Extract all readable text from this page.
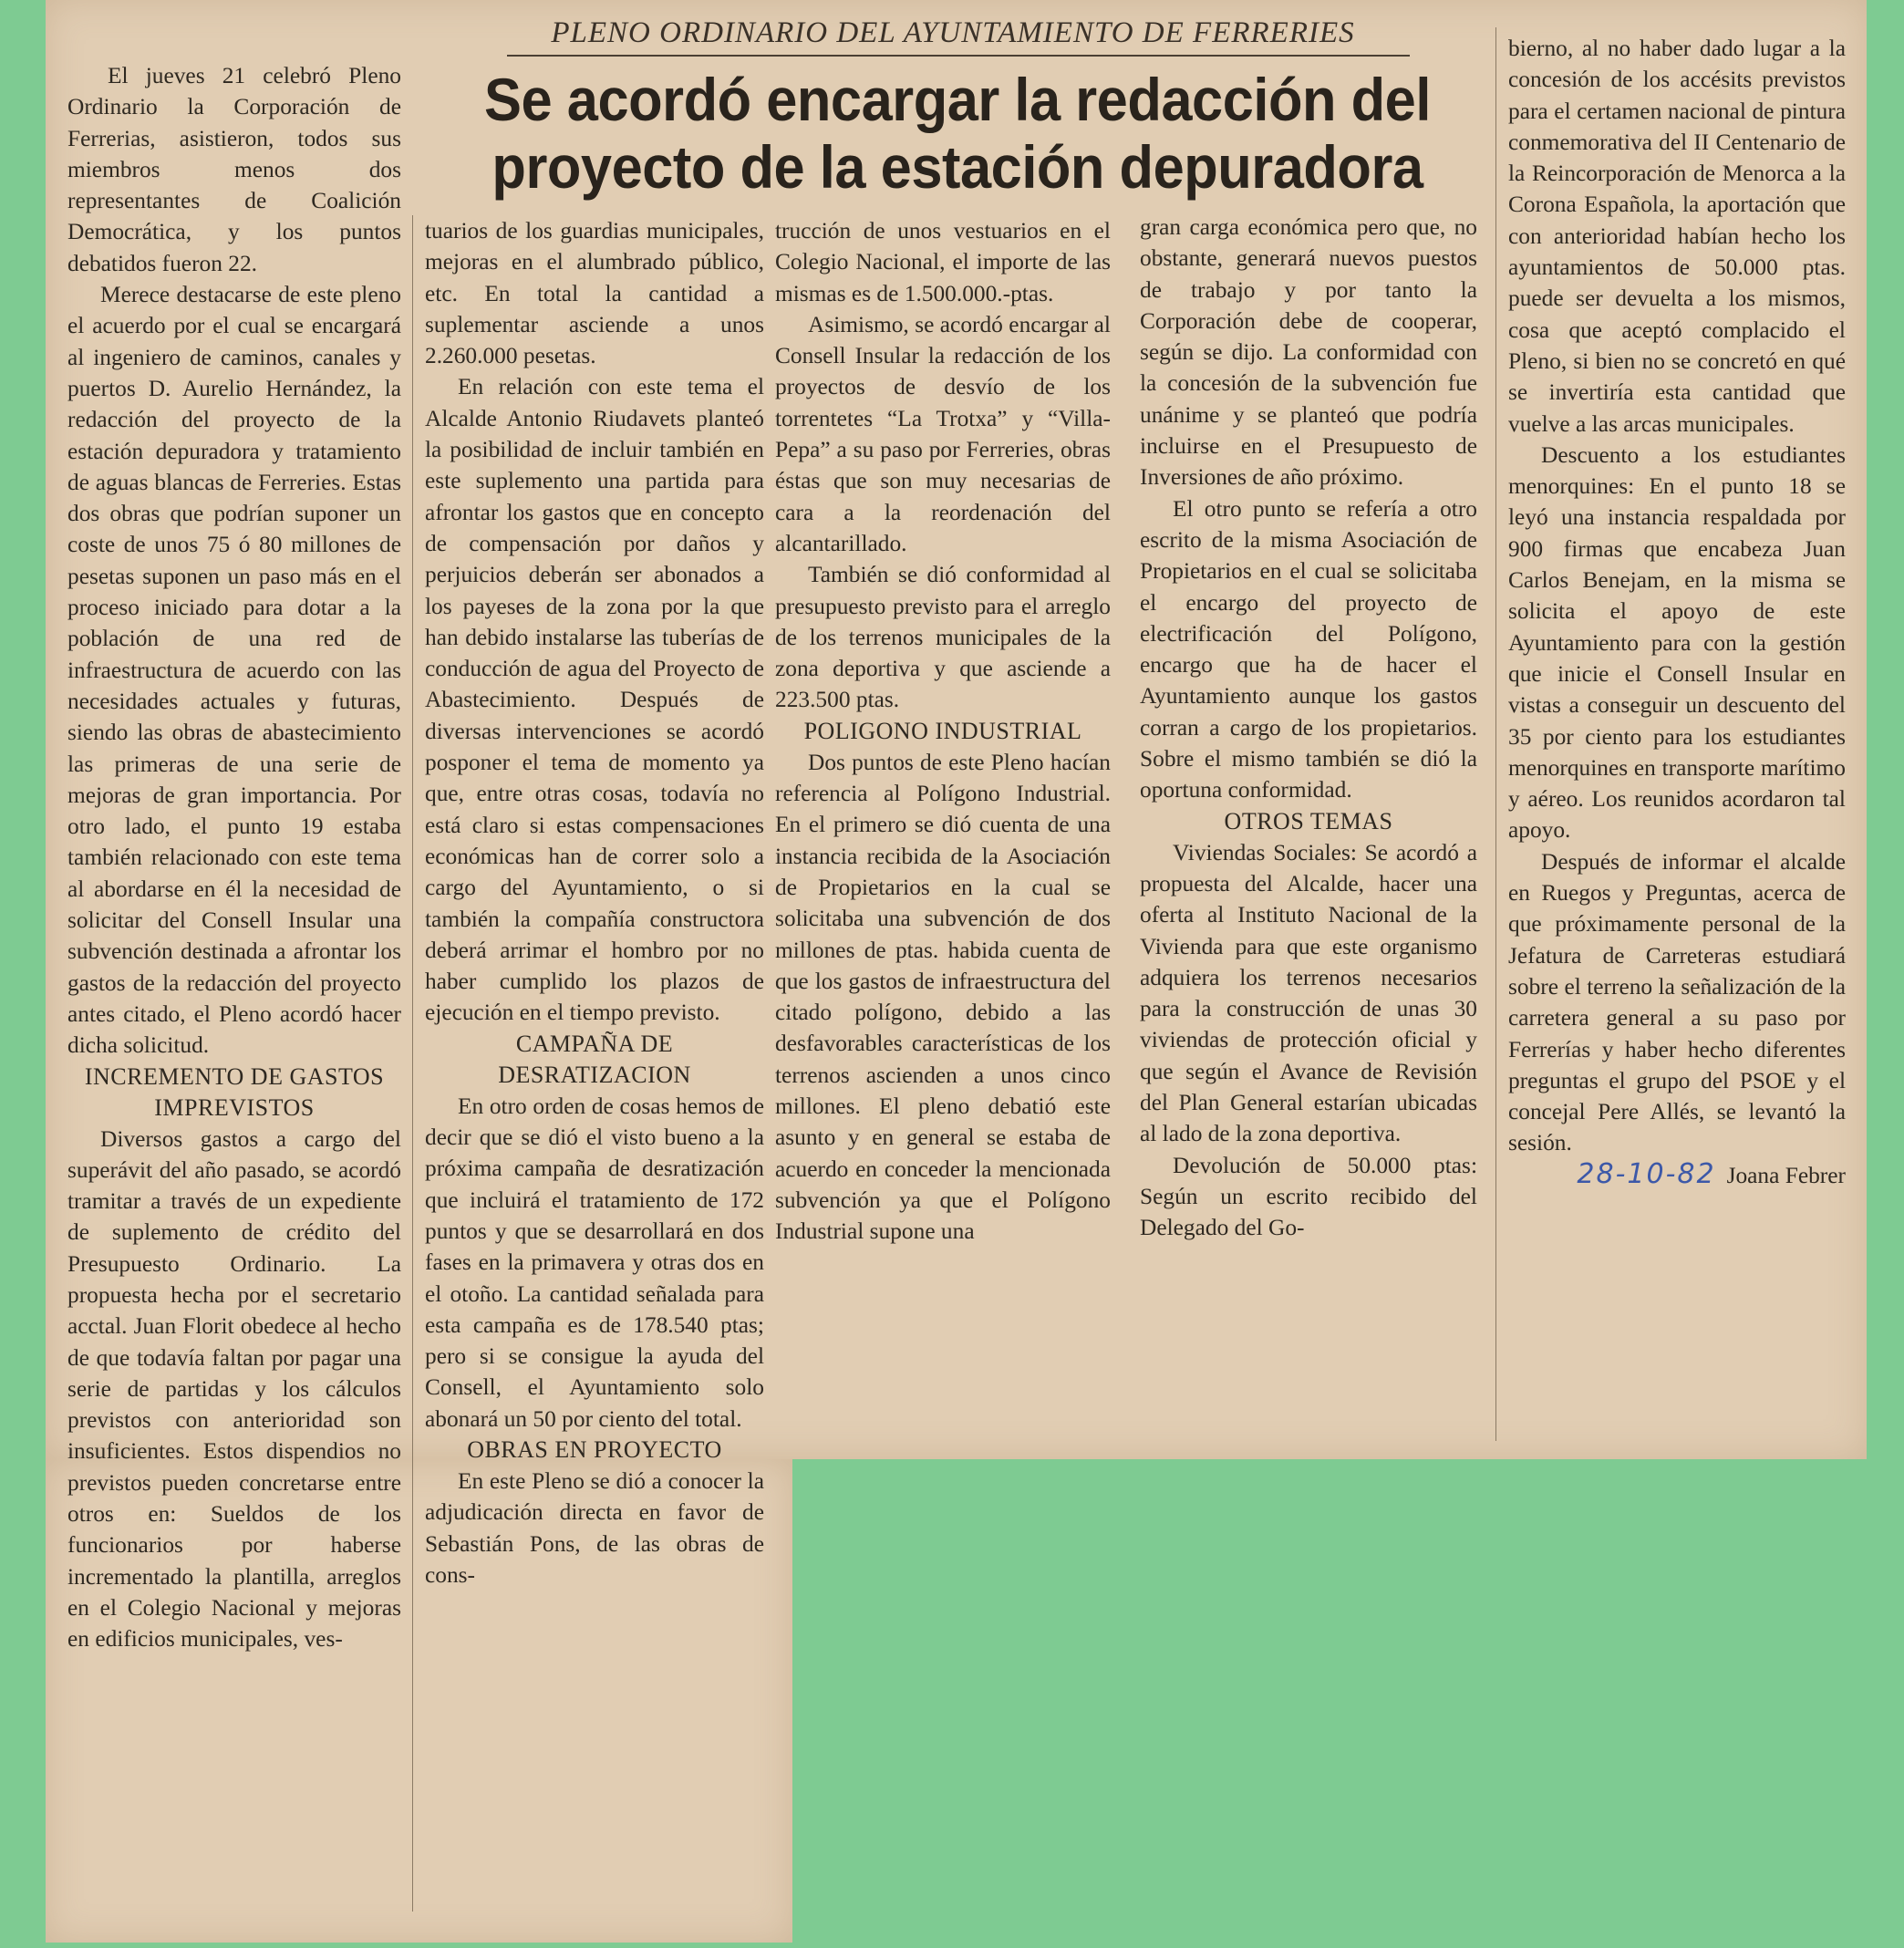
PLENO ORDINARIO DEL AYUNTAMIENTO DE FERRERIES
Se acordó encargar la redacción del proyecto de la estación depuradora

El jueves 21 celebró Pleno Ordinario la Corporación de Ferrerias, asistieron, todos sus miembros menos dos representantes de Coalición Democrática, y los puntos debatidos fueron 22.

Merece destacarse de este pleno el acuerdo por el cual se encargará al ingeniero de caminos, canales y puertos D. Aurelio Hernández, la redacción del proyecto de la estación depuradora y tratamiento de aguas blancas de Ferreries. Estas dos obras que podrían suponer un coste de unos 75 ó 80 millones de pesetas suponen un paso más en el proceso iniciado para dotar a la población de una red de infraestructura de acuerdo con las necesidades actuales y futuras, siendo las obras de abastecimiento las primeras de una serie de mejoras de gran importancia. Por otro lado, el punto 19 estaba también relacionado con este tema al abordarse en él la necesidad de solicitar del Consell Insular una subvención destinada a afrontar los gastos de la redacción del proyecto antes citado, el Pleno acordó hacer dicha solicitud.

INCREMENTO DE GASTOS IMPREVISTOS

Diversos gastos a cargo del superávit del año pasado, se acordó tramitar a través de un expediente de suplemento de crédito del Presupuesto Ordinario. La propuesta hecha por el secretario acctal. Juan Florit obedece al hecho de que todavía faltan por pagar una serie de partidas y los cálculos previstos con anterioridad son insuficientes. Estos dispendios no previstos pueden concretarse entre otros en: Sueldos de los funcionarios por haberse incrementado la plantilla, arreglos en el Colegio Nacional y mejoras en edificios municipales, ves-

tuarios de los guardias municipales, mejoras en el alumbrado público, etc. En total la cantidad a suplementar asciende a unos 2.260.000 pesetas.

En relación con este tema el Alcalde Antonio Riudavets planteó la posibilidad de incluir también en este suplemento una partida para afrontar los gastos que en concepto de compensación por daños y perjuicios deberán ser abonados a los payeses de la zona por la que han debido instalarse las tuberías de conducción de agua del Proyecto de Abastecimiento. Después de diversas intervenciones se acordó posponer el tema de momento ya que, entre otras cosas, todavía no está claro si estas compensaciones económicas han de correr solo a cargo del Ayuntamiento, o si también la compañía constructora deberá arrimar el hombro por no haber cumplido los plazos de ejecución en el tiempo previsto.

CAMPAÑA DE DESRATIZACION

En otro orden de cosas hemos de decir que se dió el visto bueno a la próxima campaña de desratización que incluirá el tratamiento de 172 puntos y que se desarrollará en dos fases en la primavera y otras dos en el otoño. La cantidad señalada para esta campaña es de 178.540 ptas; pero si se consigue la ayuda del Consell, el Ayuntamiento solo abonará un 50 por ciento del total.

OBRAS EN PROYECTO

En este Pleno se dió a conocer la adjudicación directa en favor de Sebastián Pons, de las obras de cons-

trucción de unos vestuarios en el Colegio Nacional, el importe de las mismas es de 1.500.000.-ptas.

Asimismo, se acordó encargar al Consell Insular la redacción de los proyectos de desvío de los torrentetes “La Trotxa” y “Villa-Pepa” a su paso por Ferreries, obras éstas que son muy necesarias de cara a la reordenación del alcantarillado.

También se dió conformidad al presupuesto previsto para el arreglo de los terrenos municipales de la zona deportiva y que asciende a 223.500 ptas.

POLIGONO INDUSTRIAL

Dos puntos de este Pleno hacían referencia al Polígono Industrial. En el primero se dió cuenta de una instancia recibida de la Asociación de Propietarios en la cual se solicitaba una subvención de dos millones de ptas. habida cuenta de que los gastos de infraestructura del citado polígono, debido a las desfavorables características de los terrenos ascienden a unos cinco millones. El pleno debatió este asunto y en general se estaba de acuerdo en conceder la mencionada subvención ya que el Polígono Industrial supone una

gran carga económica pero que, no obstante, generará nuevos puestos de trabajo y por tanto la Corporación debe de cooperar, según se dijo. La conformidad con la concesión de la subvención fue unánime y se planteó que podría incluirse en el Presupuesto de Inversiones de año próximo.

El otro punto se refería a otro escrito de la misma Asociación de Propietarios en el cual se solicitaba el encargo del proyecto de electrificación del Polígono, encargo que ha de hacer el Ayuntamiento aunque los gastos corran a cargo de los propietarios. Sobre el mismo también se dió la oportuna conformidad.

OTROS TEMAS

Viviendas Sociales: Se acordó a propuesta del Alcalde, hacer una oferta al Instituto Nacional de la Vivienda para que este organismo adquiera los terrenos necesarios para la construcción de unas 30 viviendas de protección oficial y que según el Avance de Revisión del Plan General estarían ubicadas al lado de la zona deportiva.

Devolución de 50.000 ptas: Según un escrito recibido del Delegado del Go-

bierno, al no haber dado lugar a la concesión de los accésits previstos para el certamen nacional de pintura conmemorativa del II Centenario de la Reincorporación de Menorca a la Corona Española, la aportación que con anterioridad habían hecho los ayuntamientos de 50.000 ptas. puede ser devuelta a los mismos, cosa que aceptó complacido el Pleno, si bien no se concretó en qué se invertiría esta cantidad que vuelve a las arcas municipales.

Descuento a los estudiantes menorquines: En el punto 18 se leyó una instancia respaldada por 900 firmas que encabeza Juan Carlos Benejam, en la misma se solicita el apoyo de este Ayuntamiento para con la gestión que inicie el Consell Insular en vistas a conseguir un descuento del 35 por ciento para los estudiantes menorquines en transporte marítimo y aéreo. Los reunidos acordaron tal apoyo.

Después de informar el alcalde en Ruegos y Preguntas, acerca de que próximamente personal de la Jefatura de Carreteras estudiará sobre el terreno la señalización de la carretera general a su paso por Ferrerías y haber hecho diferentes preguntas el grupo del PSOE y el concejal Pere Allés, se levantó la sesión.

28-10-82 Joana Febrer
